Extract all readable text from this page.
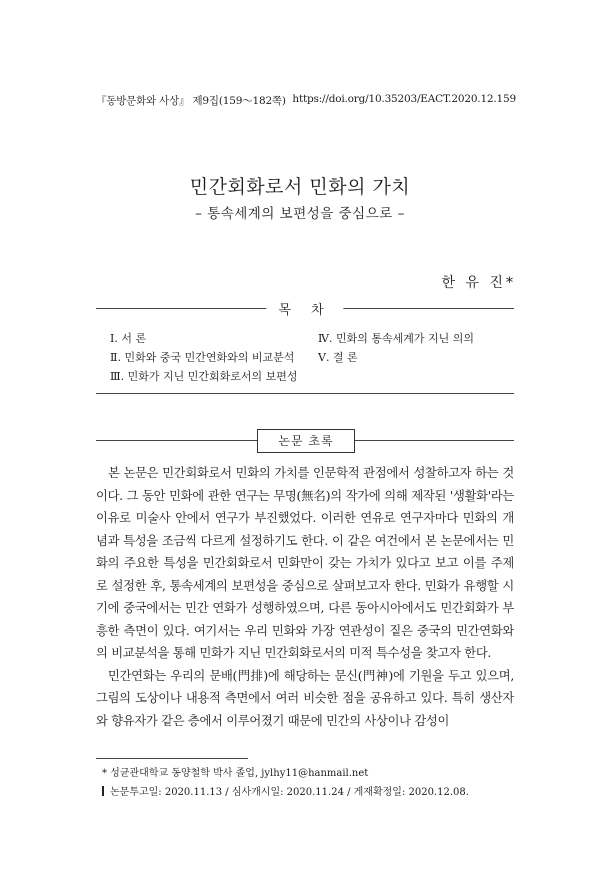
『동방문화와 사상』 제9집(159～182쪽) https://doi.org/10.35203/EACT.2020.12.159
민간회화로서 민화의 가치
– 통속세계의 보편성을 중심으로 –
한 유 진*
목 차
Ⅰ. 서 론
Ⅱ. 민화와 중국 민간연화와의 비교분석
Ⅲ. 민화가 지닌 민간회화로서의 보편성
Ⅳ. 민화의 통속세계가 지닌 의의
Ⅴ. 결 론
논문 초록

본 논문은 민간회화로서 민화의 가치를 인문학적 관점에서 성찰하고자 하는 것이다. 그 동안 민화에 관한 연구는 무명(無名)의 작가에 의해 제작된 '생활화'라는 이유로 미술사 안에서 연구가 부진했었다. 이러한 연유로 연구자마다 민화의 개념과 특성을 조금씩 다르게 설정하기도 한다. 이 같은 여건에서 본 논문에서는 민화의 주요한 특성을 민간회화로서 민화만이 갖는 가치가 있다고 보고 이를 주제로 설정한 후, 통속세계의 보편성을 중심으로 살펴보고자 한다. 민화가 유행할 시기에 중국에서는 민간 연화가 성행하였으며, 다른 동아시아에서도 민간회화가 부흥한 측면이 있다. 여기서는 우리 민화와 가장 연관성이 짙은 중국의 민간연화와의 비교분석을 통해 민화가 지닌 민간회화로서의 미적 특수성을 찾고자 한다.

민간연화는 우리의 문배(門排)에 해당하는 문신(門神)에 기원을 두고 있으며, 그림의 도상이나 내용적 측면에서 여러 비슷한 점을 공유하고 있다. 특히 생산자와 향유자가 같은 층에서 이루어졌기 때문에 민간의 사상이나 감성이

* 성균관대학교 동양철학 박사 졸업, jylhy11@hanmail.net
논문투고일: 2020.11.13 / 심사개시일: 2020.11.24 / 게재확정일: 2020.12.08.
